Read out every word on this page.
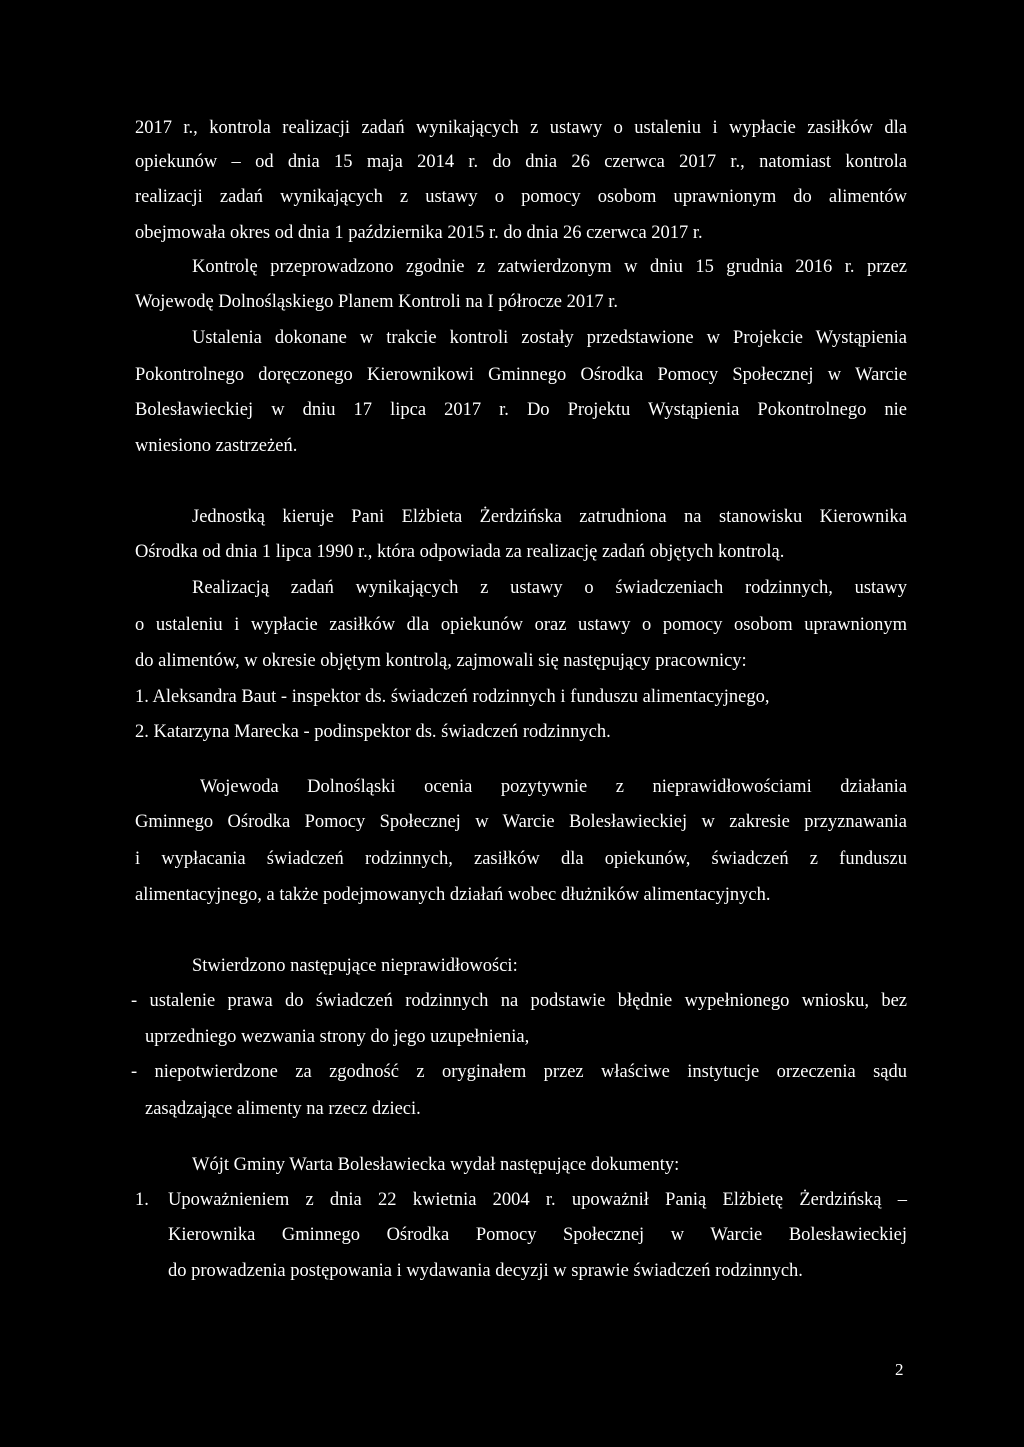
2017 r., kontrola realizacji zadań wynikających z ustawy o ustaleniu i wypłacie zasiłków dla
opiekunów – od dnia 15 maja 2014 r. do dnia 26 czerwca 2017 r., natomiast kontrola
realizacji zadań wynikających z ustawy o pomocy osobom uprawnionym do alimentów
obejmowała okres od dnia 1 października 2015 r. do dnia 26 czerwca 2017 r.
Kontrolę przeprowadzono zgodnie z zatwierdzonym w dniu 15 grudnia 2016 r. przez
Wojewodę Dolnośląskiego Planem Kontroli na I półrocze 2017 r.
Ustalenia dokonane w trakcie kontroli zostały przedstawione w Projekcie Wystąpienia
Pokontrolnego doręczonego Kierownikowi Gminnego Ośrodka Pomocy Społecznej w Warcie
Bolesławieckiej w dniu 17 lipca 2017 r. Do Projektu Wystąpienia Pokontrolnego nie
wniesiono zastrzeżeń.
Jednostką kieruje Pani Elżbieta Żerdzińska zatrudniona na stanowisku Kierownika
Ośrodka od dnia 1 lipca 1990 r., która odpowiada za realizację zadań objętych kontrolą.
Realizacją zadań wynikających z ustawy o świadczeniach rodzinnych, ustawy
o ustaleniu i wypłacie zasiłków dla opiekunów oraz ustawy o pomocy osobom uprawnionym
do alimentów, w okresie objętym kontrolą, zajmowali się następujący pracownicy:
1. Aleksandra Baut - inspektor ds. świadczeń rodzinnych i funduszu alimentacyjnego,
2. Katarzyna Marecka - podinspektor ds. świadczeń rodzinnych.
Wojewoda Dolnośląski ocenia pozytywnie z nieprawidłowościami działania
Gminnego Ośrodka Pomocy Społecznej w Warcie Bolesławieckiej w zakresie przyznawania
i wypłacania świadczeń rodzinnych, zasiłków dla opiekunów, świadczeń z funduszu
alimentacyjnego, a także podejmowanych działań wobec dłużników alimentacyjnych.
Stwierdzono następujące nieprawidłowości:
- ustalenie prawa do świadczeń rodzinnych na podstawie błędnie wypełnionego wniosku, bez
uprzedniego wezwania strony do jego uzupełnienia,
- niepotwierdzone za zgodność z oryginałem przez właściwe instytucje orzeczenia sądu
zasądzające alimenty na rzecz dzieci.
Wójt Gminy Warta Bolesławiecka wydał następujące dokumenty:
1. Upoważnieniem z dnia 22 kwietnia 2004 r. upoważnił Panią Elżbietę Żerdzińską –
Kierownika Gminnego Ośrodka Pomocy Społecznej w Warcie Bolesławieckiej
do prowadzenia postępowania i wydawania decyzji w sprawie świadczeń rodzinnych.
2
